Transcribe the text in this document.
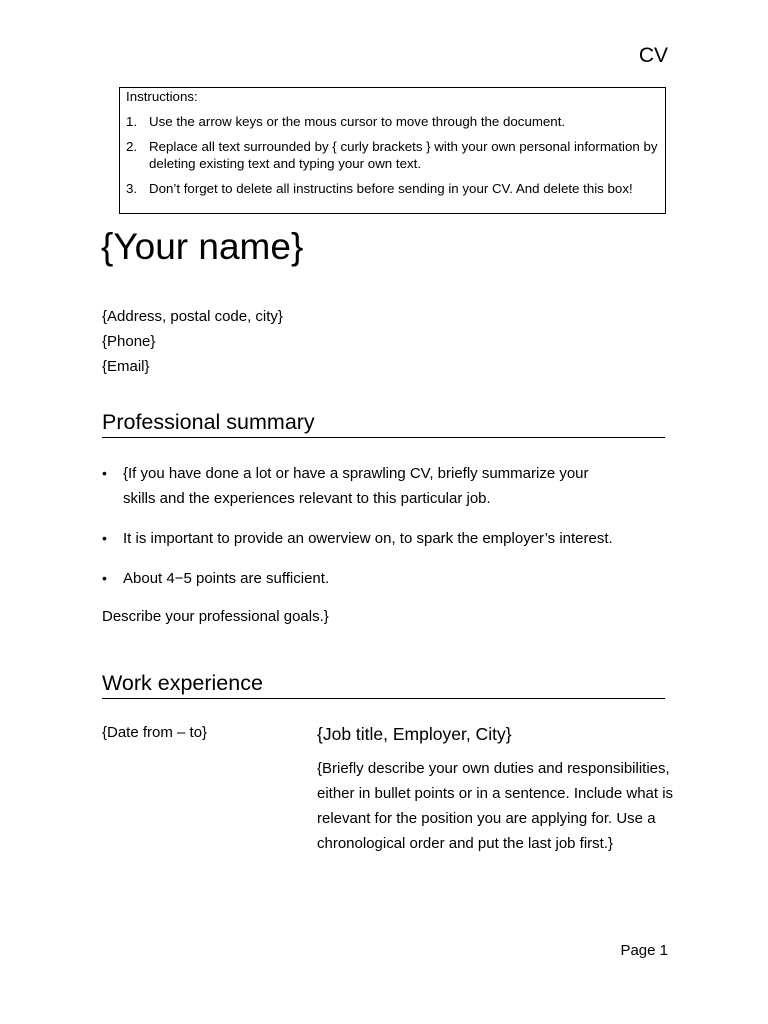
CV
Instructions:
1. Use the arrow keys or the mous cursor to move through the document.
2. Replace all text surrounded by { curly brackets } with your own personal information by deleting existing text and typing your own text.
3. Don’t forget to delete all instructins before sending in your CV. And delete this box!
{Your name}
{Address, postal code, city}
{Phone}
{Email}
Professional summary
• {If you have done a lot or have a sprawling CV, briefly summarize your skills and the experiences relevant to this particular job.
• It is important to provide an owerview on, to spark the employer’s interest.
• About 4−5 points are sufficient.
Describe your professional goals.}
Work experience
{Date from – to}	{Job title, Employer, City}
{Briefly describe your own duties and responsibilities, either in bullet points or in a sentence. Include what is relevant for the position you are applying for. Use a chronological order and put the last job first.}
Page 1
